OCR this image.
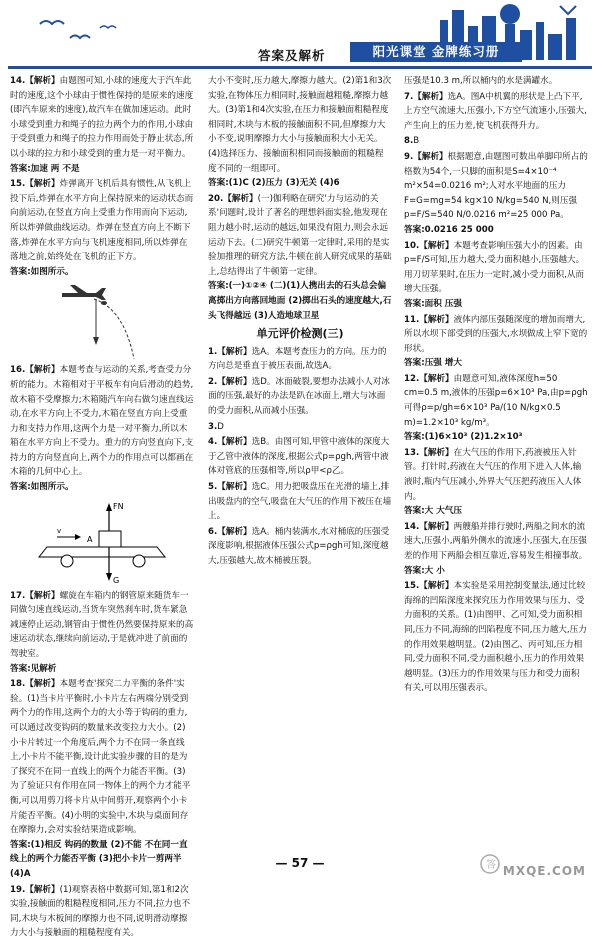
答案及解析	阳光课堂 金牌练习册
14.【解析】由题图可知,小球的速度大于汽车此时的速度,这个小球由于惯性保持的是原来的速度(即汽车原来的速度),故汽车在做加速运动。此时小球受到重力和绳子的拉力两个力的作用,小球由于受到重力和绳子的拉力作用而处于静止状态,所以小球的拉力和小球受到的重力是一对平衡力。
答案:加速 两 不是
15.【解析】炸弹离开飞机后具有惯性,从飞机上投下后,炸弹在水平方向上保持原来的运动状态而向前运动,在竖直方向上受重力作用而向下运动,所以炸弹做曲线运动。炸弹在竖直方向上不断下落,炸弹在水平方向与飞机速度相同,所以炸弹在落地之前,始终处在飞机的正下方。
答案:如图所示。
16.【解析】本题考查与运动的关系,考查受力分析的能力。木箱相对于平板车有向后滑动的趋势,故木箱不受摩擦力;木箱随汽车向右做匀速直线运动,在水平方向上不受力,木箱在竖直方向上受重力和支持力作用,这两个力是一对平衡力,所以木箱在水平方向上不受力。重力的方向竖直向下,支持力的方向竖直向上,两个力的作用点可以都画在木箱的几何中心上。
答案:如图所示。
FN
A
G
v
17.【解析】螺旋在车箱内的钢管原来随货车一同做匀速直线运动,当货车突然刹车时,货车紧急减速停止运动,钢管由于惯性仍然要保持原来的高速运动状态,继续向前运动,于是就冲进了前面的驾驶室。
答案:见解析
18.【解析】本题考查'探究二力平衡的条件'实验。(1)当卡片平衡时,小卡片左右两端分别受到两个力的作用,这两个力的大小等于钩码的重力,可以通过改变钩码的数量来改变拉力大小。(2)小卡片转过一个角度后,两个力不在同一条直线上,小卡片不能平衡,设计此实验步骤的目的是为了探究不在同一直线上的两个力能否平衡。(3)为了验证只有作用在同一物体上的两个力才能平衡,可以用剪刀将卡片从中间剪开,观察两个小卡片能否平衡。(4)小明的实验中,木块与桌面间存在摩擦力,会对实验结果造成影响。
答案:(1)相反 钩码的数量 (2)不能 不在同一直线上的两个力能否平衡 (3)把小卡片一剪两半 (4)A
19.【解析】(1)观察表格中数据可知,第1和2次实验,接触面的粗糙程度相同,压力不同,拉力也不同,木块与木板间的摩擦力也不同,说明滑动摩擦力大小与接触面的粗糙程度有关。
大小不变时,压力越大,摩擦力越大。(2)第1和3次实验,在物体压力相同时,接触面越粗糙,摩擦力越大。(3)第1和4次实验,在压力和接触面粗糙程度相同时,木块与木板的接触面积不同,但摩擦力大小不变,说明摩擦力大小与接触面积大小无关。(4)选择压力、接触面积相同而接触面的粗糙程度不同的一组即可。
答案:(1)C (2)压力 (3)无关 (4)6
20.【解析】(一)伽利略在研究'力与运动的关系'问题时,设计了著名的理想斜面实验,他发现在阻力越小时,运动的越远,如果没有阻力,则会永远运动下去。(二)研究牛顿第一定律时,采用的是实验加推理的研究方法,牛顿在前人研究成果的基础上,总结得出了牛顿第一定律。
答案:(一)①②④ (二)(1)人携出去的石头总会偏离掷出方向落回地面 (2)掷出石头的速度越大,石头飞得越远 (3)人造地球卫星
单元评价检测(三)
1.【解析】选A。本题考查压力的方向。压力的方向总是垂直于被压表面,故选A。
2.【解析】选D。冰面破裂,要想办法减小人对冰面的压强,最好的办法是趴在冰面上,增大与冰面的受力面积,从而减小压强。
3.D
4.【解析】选B。由图可知,甲管中液体的深度大于乙管中液体的深度,根据公式p=ρgh,两管中液体对管底的压强相等,所以ρ甲<ρ乙。
5.【解析】选C。用力把吸盘压在光滑的墙上,排出吸盘内的空气,吸盘在大气压的作用下被压在墙上。
6.【解析】选A。桶内装满水,水对桶底的压强受深度影响,根据液体压强公式p=ρgh可知,深度越大,压强越大,故木桶被压裂。
压强是10.3 m,所以桶内的水是满罐水。
7.【解析】选A。图A中机翼的形状是上凸下平,上方空气流速大,压强小,下方空气流速小,压强大,产生向上的压力差,使飞机获得升力。
8.B
9.【解析】根据题意,由题图可数出单脚印所占的格数为54个,一只脚的面积是S=4×10⁻⁴ m²×54=0.0216 m²;人对水平地面的压力F=G=mg=54 kg×10 N/kg=540 N,则压强p=F/S=540 N/0.0216 m²=25 000 Pa。
答案:0.0216 25 000
10.【解析】本题考查影响压强大小的因素。由p=F/S可知,压力越大,受力面积越小,压强越大。用刀切苹果时,在压力一定时,减小受力面积,从而增大压强。
答案:面积 压强
11.【解析】液体内部压强随深度的增加而增大,所以水坝下部受到的压强大,水坝做成上窄下宽的形状。
答案:压强 增大
12.【解析】由题意可知,液体深度h=50 cm=0.5 m,液体的压强p=6×10³ Pa,由p=ρgh可得ρ=p/gh=6×10³ Pa/(10 N/kg×0.5 m)=1.2×10³ kg/m³。
答案:(1)6×10³ (2)1.2×10³
13.【解析】在大气压的作用下,药液被压入针管。打针时,药液在大气压的作用下进入人体,输液时,瓶内气压减小,外界大气压把药液压入人体内。
答案:大 大气压
14.【解析】两艘船并排行驶时,两船之间水的流速大,压强小,两船外侧水的流速小,压强大,在压强差的作用下两船会相互靠近,容易发生相撞事故。
答案:大 小
15.【解析】本实验是采用控制变量法,通过比较海绵的凹陷深度来探究压力作用效果与压力、受力面积的关系。(1)由图甲、乙可知,受力面积相同,压力不同,海绵的凹陷程度不同,压力越大,压力的作用效果越明显。(2)由图乙、丙可知,压力相同,受力面积不同,受力面积越小,压力的作用效果越明显。(3)压力的作用效果与压力和受力面积有关,可以用压强表示。
— 57 —	答 MXQE.COM
